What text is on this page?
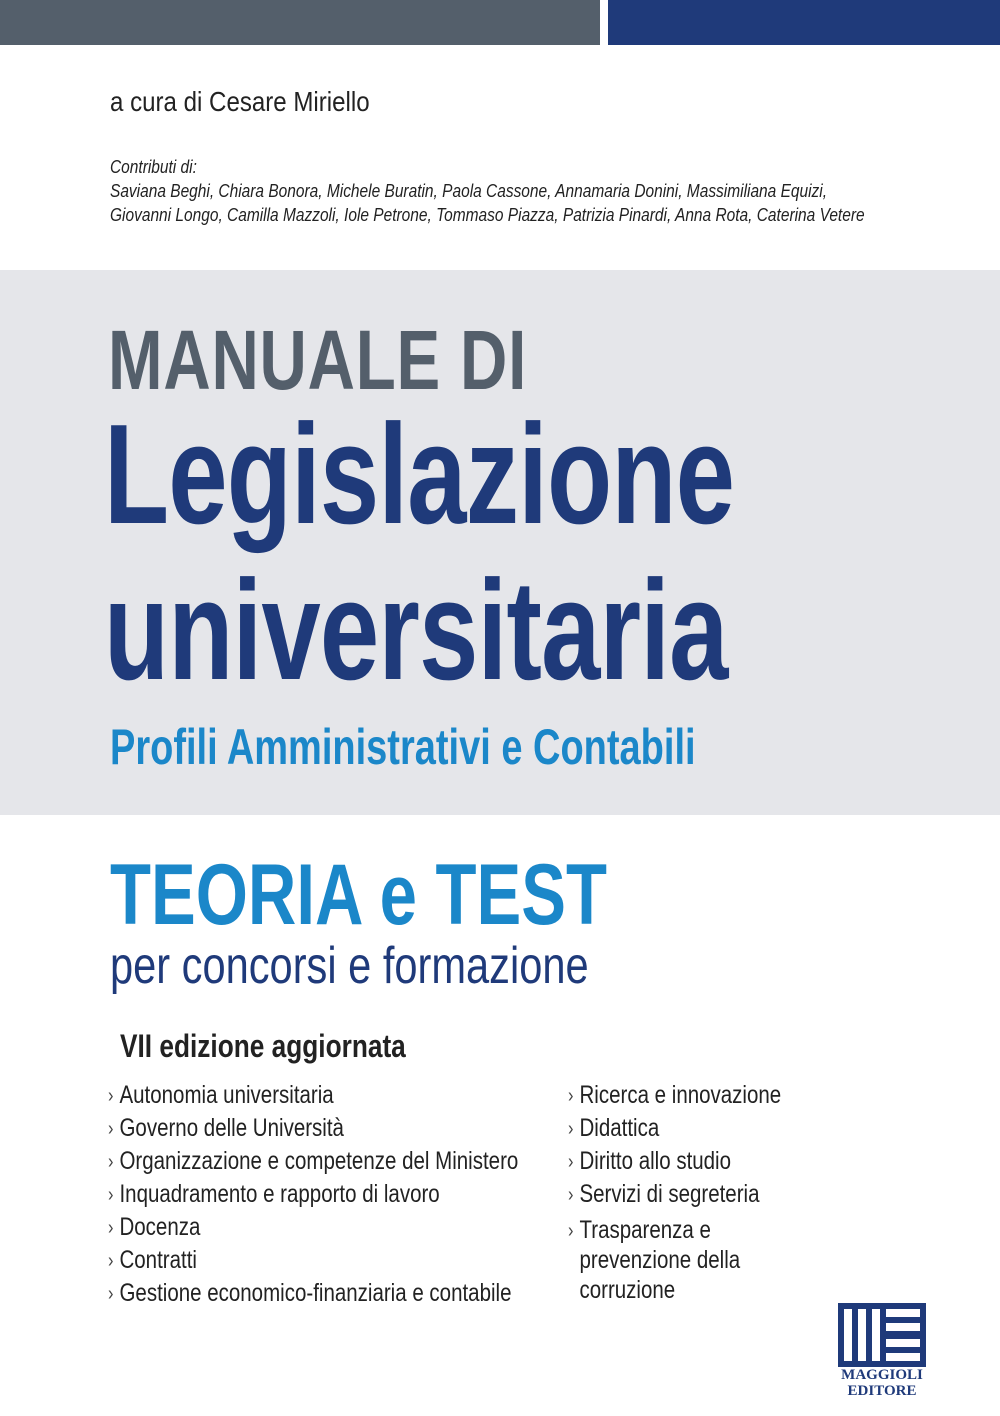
a cura di Cesare Miriello
Contributi di:
Saviana Beghi, Chiara Bonora, Michele Buratin, Paola Cassone, Annamaria Donini, Massimiliana Equizi,
Giovanni Longo, Camilla Mazzoli, Iole Petrone, Tommaso Piazza, Patrizia Pinardi, Anna Rota, Caterina Vetere
MANUALE DI
Legislazione
universitaria
Profili Amministrativi e Contabili
TEORIA e TEST
per concorsi e formazione
VII edizione aggiornata
› Autonomia universitaria
› Governo delle Università
› Organizzazione e competenze del Ministero
› Inquadramento e rapporto di lavoro
› Docenza
› Contratti
› Gestione economico-finanziaria e contabile
› Ricerca e innovazione
› Didattica
› Diritto allo studio
› Servizi di segreteria
› Trasparenza e prevenzione della corruzione
MAGGIOLI
EDITORE
